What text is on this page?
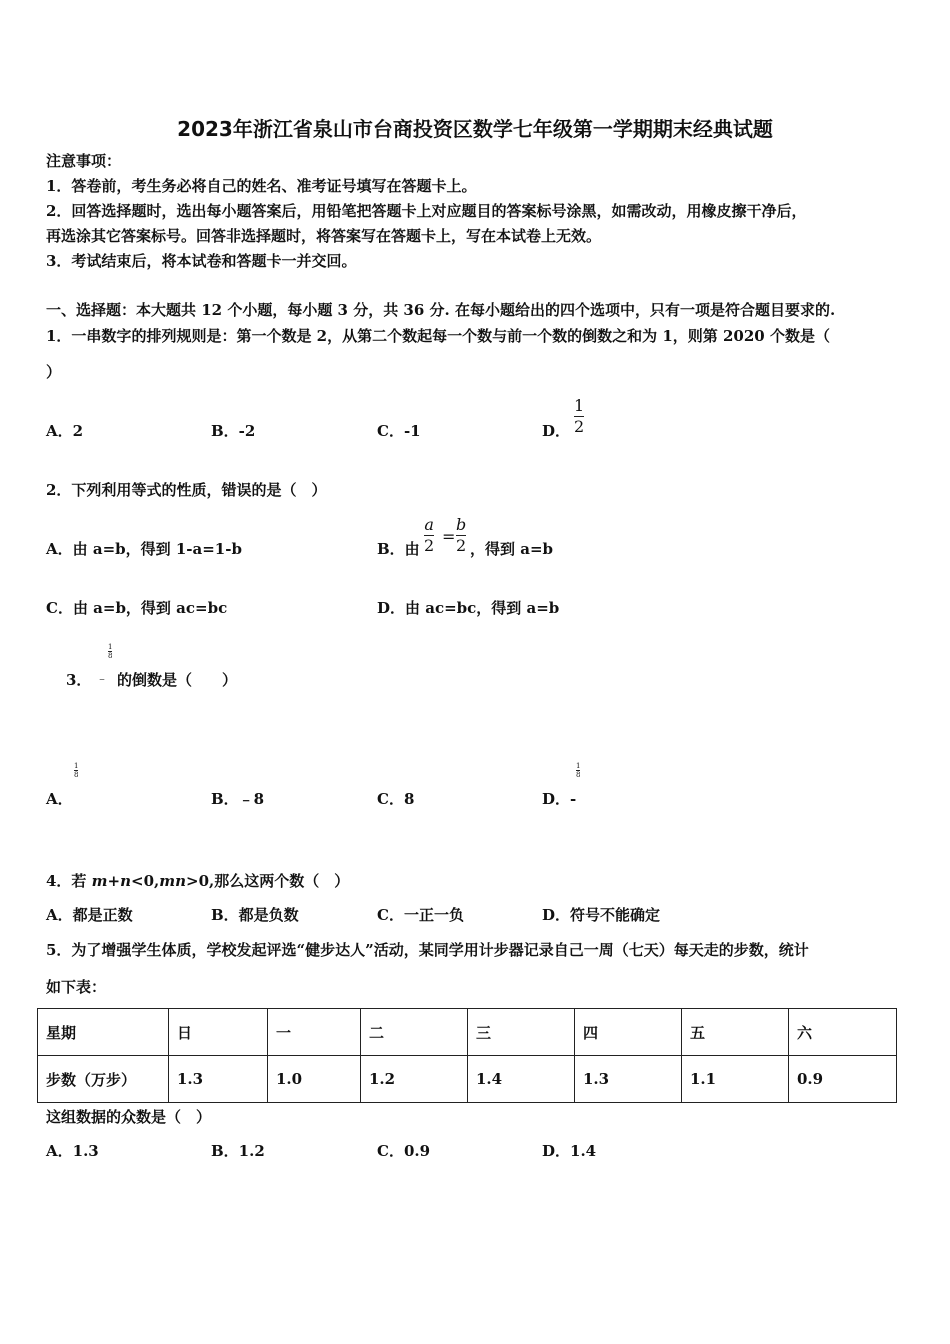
2023年浙江省泉山市台商投资区数学七年级第一学期期末经典试题
注意事项：
1．答卷前，考生务必将自己的姓名、准考证号填写在答题卡上。
2．回答选择题时，选出每小题答案后，用铅笔把答题卡上对应题目的答案标号涂黑，如需改动，用橡皮擦干净后，
再选涂其它答案标号。回答非选择题时，将答案写在答题卡上，写在本试卷上无效。
3．考试结束后，将本试卷和答题卡一并交回。
一、选择题：本大题共 12 个小题，每小题 3 分，共 36 分. 在每小题给出的四个选项中，只有一项是符合题目要求的.
1．一串数字的排列规则是：第一个数是 2，从第二个数起每一个数与前一个数的倒数之和为 1，则第 2020 个数是（
）
A．2	B．-2	C．-1	D．
1
2
2．下列利用等式的性质，错误的是（　）
A．由 a=b，得到 1-a=1-b	B．由
a
2 =
b
2 ，得到 a=b
C．由 a=b，得到 ac=bc	D．由 ac=bc，得到 a=b
3． ﹣
1
8
的倒数是（　　）
A．
1
8
B．﹣8	C．8	D．-
1
8
4．若 m+n<0,mn>0,那么这两个数（　）
A．都是正数	B．都是负数	C．一正一负	D．符号不能确定
5．为了增强学生体质，学校发起评选“健步达人”活动，某同学用计步器记录自己一周（七天）每天走的步数，统计
如下表：
星期	日	一	二	三	四	五	六
步数（万步）	1.3	1.0	1.2	1.4	1.3	1.1	0.9
这组数据的众数是（　）
A．1.3	B．1.2	C．0.9	D．1.4
